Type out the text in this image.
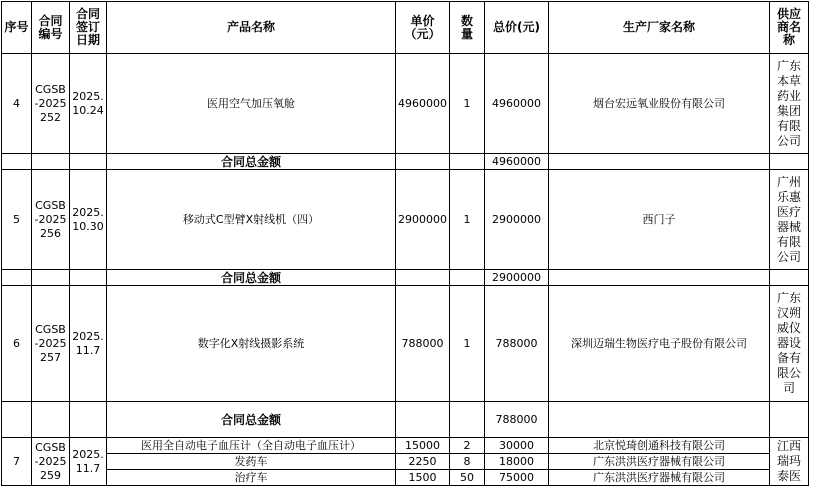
序号	合同编号	合同签订日期	产品名称	单价（元）	数量	总价(元)	生产厂家名称	供应商名称

4	CGSB-2025252	2025.10.24	医用空气加压氧舱	4960000	1	4960000	烟台宏远氧业股份有限公司	广东本草药业集团有限公司

			合同总金额			4960000		
5	CGSB-2025256	2025.10.30	移动式C型臂X射线机（四）	2900000	1	2900000	西门子	广州乐惠医疗器械有限公司

			合同总金额			2900000		
6	CGSB-2025257	2025.11.7	数字化X射线摄影系统	788000	1	788000	深圳迈瑞生物医疗电子股份有限公司	广东汉朔威仪器设备有限公司

			合同总金额			788000		
7	CGSB-2025259	2025.11.7	医用全自动电子血压计（全自动电子血压计）	15000	2	30000	北京悦琦创通科技有限公司	江西瑞玛泰医

			发药车	2250	8	18000	广东洪洪医疗器械有限公司	
			治疗车	1500	50	75000	广东洪洪医疗器械有限公司	
